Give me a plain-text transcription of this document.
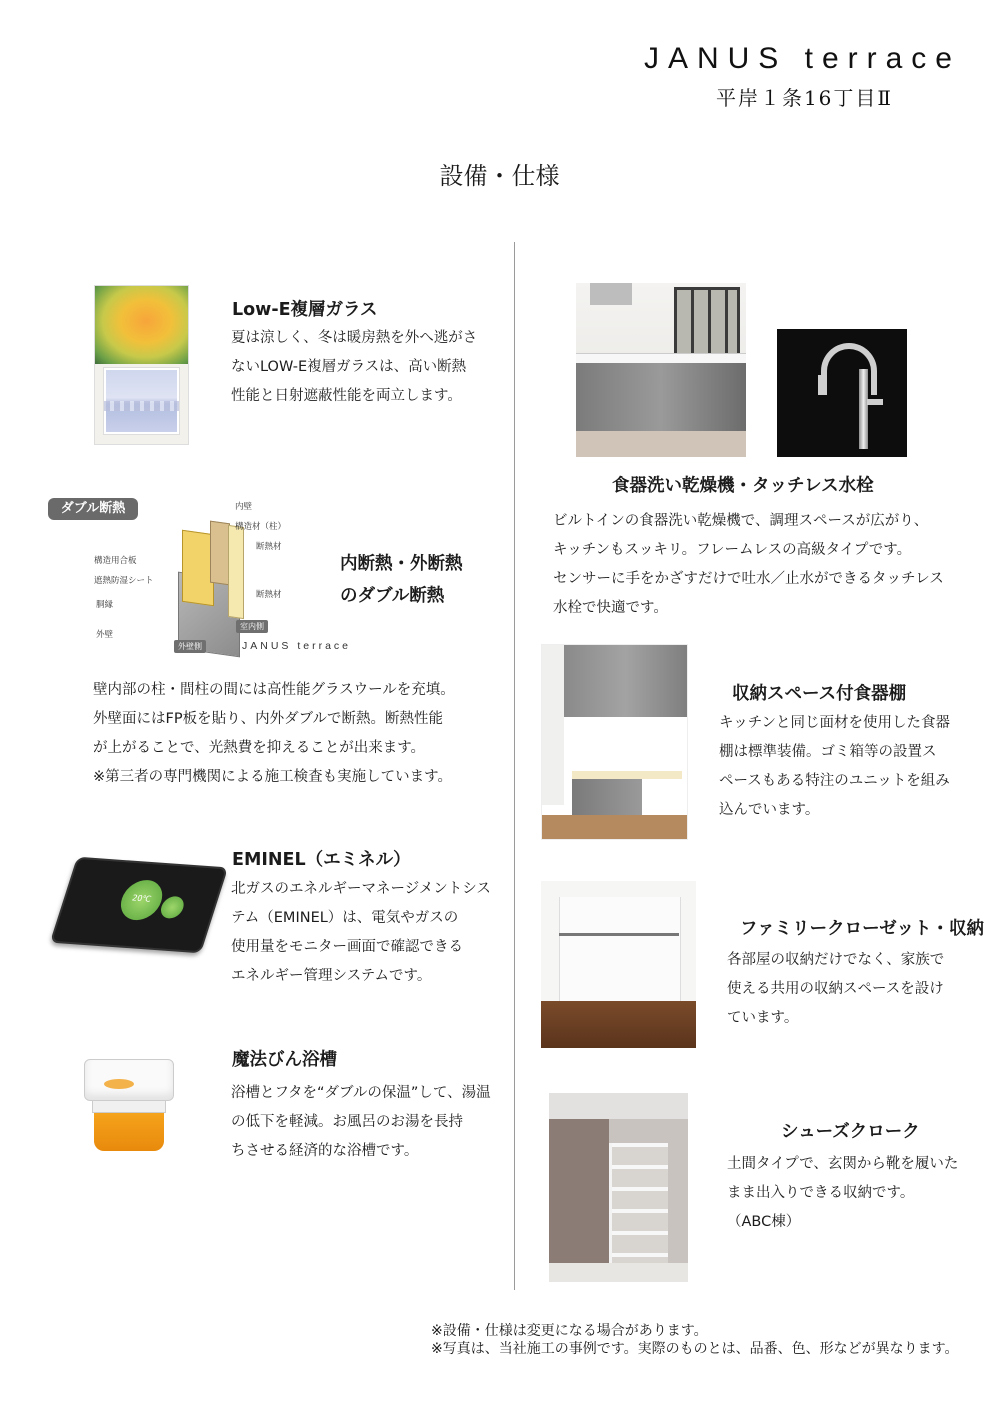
JANUS terrace
平岸１条16丁目Ⅱ
設備・仕様
Low-E複層ガラス
夏は涼しく、冬は暖房熱を外へ逃がさ
ないLOW-E複層ガラスは、高い断熱
性能と日射遮蔽性能を両立します。
内壁
構造材（柱）
断熱材
構造用合板
遮熱防湿シート
胴縁
外壁
断熱材
室内側
外壁側	JANUS terrace
ダブル断熱
内断熱・外断熱
のダブル断熱
壁内部の柱・間柱の間には高性能グラスウールを充填。
外壁面にはFP板を貼り、内外ダブルで断熱。断熱性能
が上がることで、光熱費を抑えることが出来ます。
※第三者の専門機関による施工検査も実施しています。
20℃
EMINEL（エミネル）
北ガスのエネルギーマネージメントシス
テム（EMINEL）は、電気やガスの
使用量をモニター画面で確認できる
エネルギー管理システムです。
魔法びん浴槽
浴槽とフタを“ダブルの保温”して、湯温
の低下を軽減。お風呂のお湯を長持
ちさせる経済的な浴槽です。
食器洗い乾燥機・タッチレス水栓
ビルトインの食器洗い乾燥機で、調理スペースが広がり、
キッチンもスッキリ。フレームレスの高級タイプです。
センサーに手をかざすだけで吐水／止水ができるタッチレス
水栓で快適です。
収納スペース付食器棚
キッチンと同じ面材を使用した食器
棚は標準装備。ゴミ箱等の設置ス
ペースもある特注のユニットを組み
込んでいます。
ファミリークローゼット・収納
各部屋の収納だけでなく、家族で
使える共用の収納スペースを設け
ています。
シューズクローク
土間タイプで、玄関から靴を履いた
まま出入りできる収納です。
（ABC棟）
※設備・仕様は変更になる場合があります。
※写真は、当社施工の事例です。実際のものとは、品番、色、形などが異なります。
